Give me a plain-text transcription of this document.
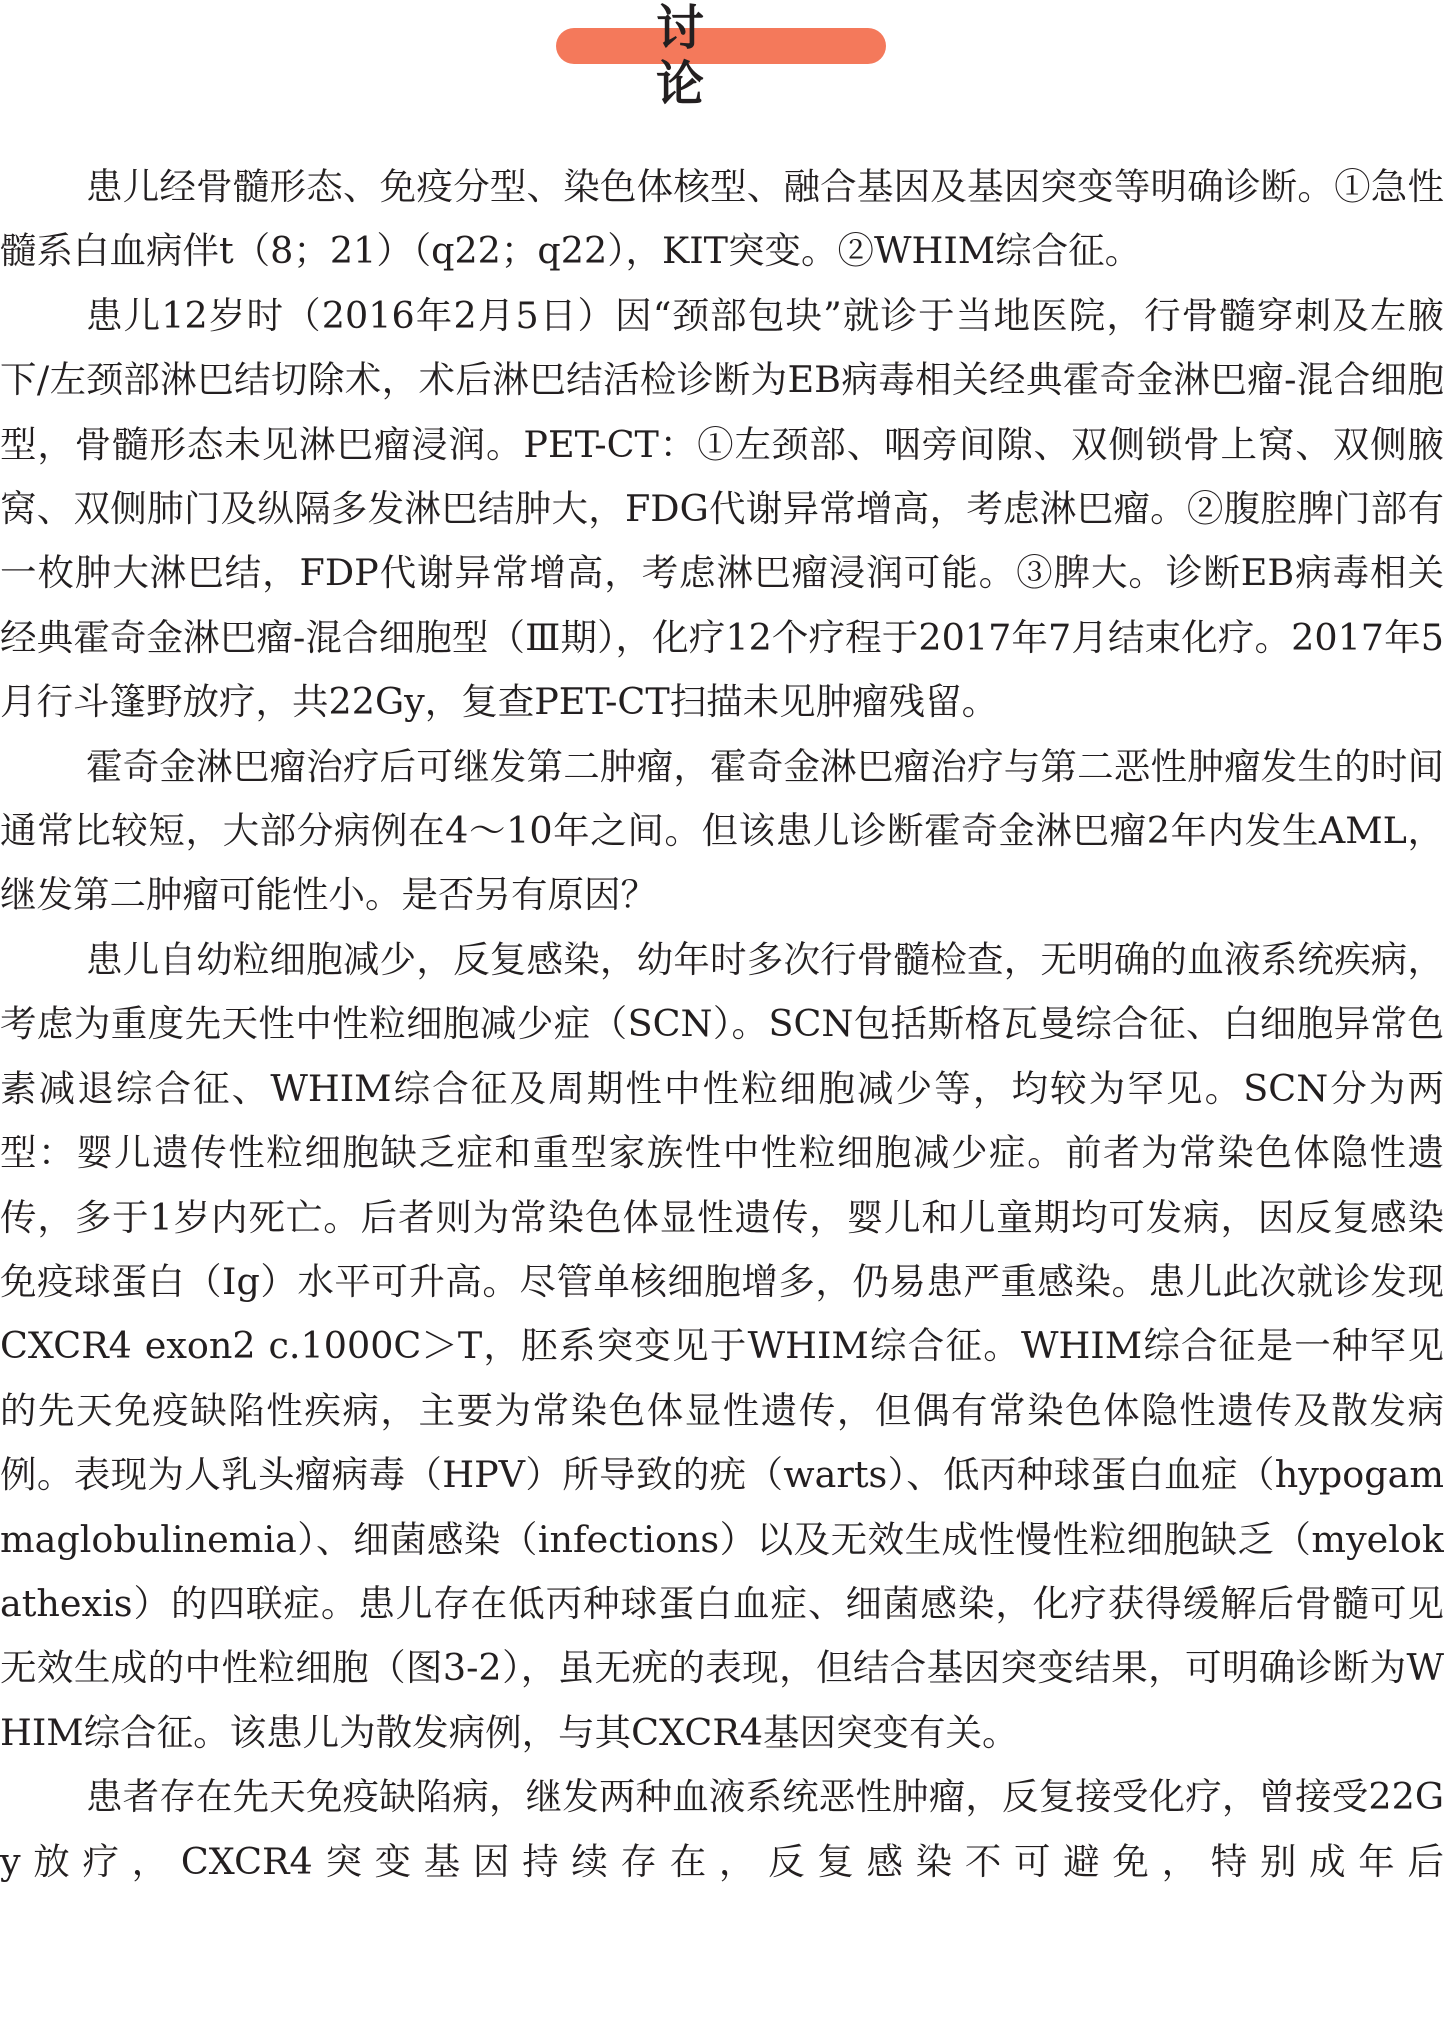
讨 论

患儿经骨髓形态、免疫分型、染色体核型、融合基因及基因突变等明确诊断。①急性髓系白血病伴t（8；21）（q22；q22），KIT突变。②WHIM综合征。

患儿12岁时（2016年2月5日）因“颈部包块”就诊于当地医院，行骨髓穿刺及左腋下/左颈部淋巴结切除术，术后淋巴结活检诊断为EB病毒相关经典霍奇金淋巴瘤-混合细胞型，骨髓形态未见淋巴瘤浸润。PET-CT：①左颈部、咽旁间隙、双侧锁骨上窝、双侧腋窝、双侧肺门及纵隔多发淋巴结肿大，FDG代谢异常增高，考虑淋巴瘤。②腹腔脾门部有一枚肿大淋巴结，FDP代谢异常增高，考虑淋巴瘤浸润可能。③脾大。诊断EB病毒相关经典霍奇金淋巴瘤-混合细胞型（Ⅲ期），化疗12个疗程于2017年7月结束化疗。2017年5月行斗篷野放疗，共22Gy，复查PET-CT扫描未见肿瘤残留。

霍奇金淋巴瘤治疗后可继发第二肿瘤，霍奇金淋巴瘤治疗与第二恶性肿瘤发生的时间通常比较短，大部分病例在4～10年之间。但该患儿诊断霍奇金淋巴瘤2年内发生AML，继发第二肿瘤可能性小。是否另有原因？

患儿自幼粒细胞减少，反复感染，幼年时多次行骨髓检查，无明确的血液系统疾病，考虑为重度先天性中性粒细胞减少症（SCN）。SCN包括斯格瓦曼综合征、白细胞异常色素减退综合征、WHIM综合征及周期性中性粒细胞减少等，均较为罕见。SCN分为两型：婴儿遗传性粒细胞缺乏症和重型家族性中性粒细胞减少症。前者为常染色体隐性遗传，多于1岁内死亡。后者则为常染色体显性遗传，婴儿和儿童期均可发病，因反复感染免疫球蛋白（Ig）水平可升高。尽管单核细胞增多，仍易患严重感染。患儿此次就诊发现CXCR4 exon2 c.1000C＞T，胚系突变见于WHIM综合征。WHIM综合征是一种罕见的先天免疫缺陷性疾病，主要为常染色体显性遗传，但偶有常染色体隐性遗传及散发病例。表现为人乳头瘤病毒（HPV）所导致的疣（warts）、低丙种球蛋白血症（hypogammaglobulinemia）、细菌感染（infections）以及无效生成性慢性粒细胞缺乏（myelokathexis）的四联症。患儿存在低丙种球蛋白血症、细菌感染，化疗获得缓解后骨髓可见无效生成的中性粒细胞（图3-2），虽无疣的表现，但结合基因突变结果，可明确诊断为WHIM综合征。该患儿为散发病例，与其CXCR4基因突变有关。

患者存在先天免疫缺陷病，继发两种血液系统恶性肿瘤，反复接受化疗，曾接受22Gy放疗，CXCR4突变基因持续存在，反复感染不可避免，特别成年后
